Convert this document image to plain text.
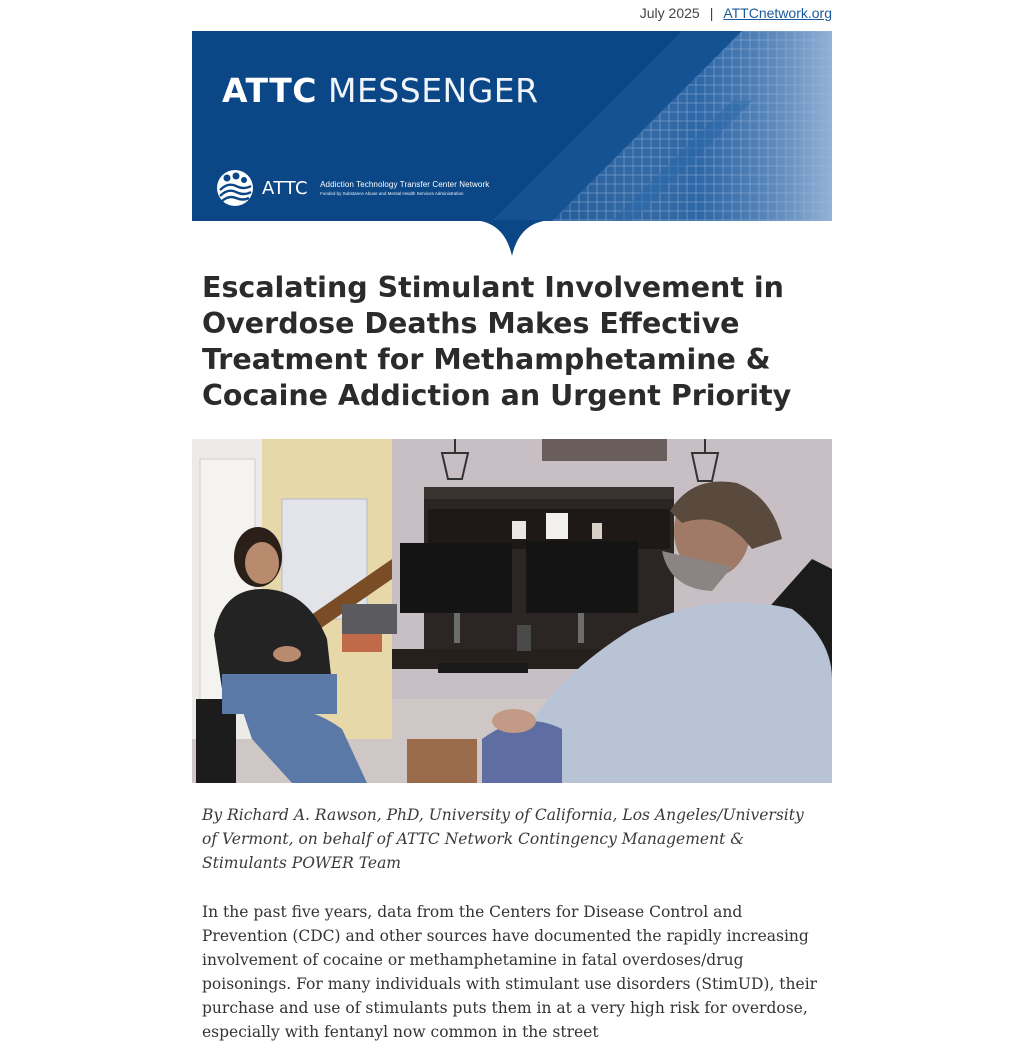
July 2025 | ATTCnetwork.org
ATTC MESSENGER
ATTC Addiction Technology Transfer Center Network
Funded by Substance Abuse and Mental Health Services Administration
Escalating Stimulant Involvement in Overdose Deaths Makes Effective Treatment for Methamphetamine & Cocaine Addiction an Urgent Priority

By Richard A. Rawson, PhD, University of California, Los Angeles/University of Vermont, on behalf of ATTC Network Contingency Management & Stimulants POWER Team

In the past five years, data from the Centers for Disease Control and Prevention (CDC) and other sources have documented the rapidly increasing involvement of cocaine or methamphetamine in fatal overdoses/drug poisonings. For many individuals with stimulant use disorders (StimUD), their purchase and use of stimulants puts them in at a very high risk for overdose, especially with fentanyl now common in the street
